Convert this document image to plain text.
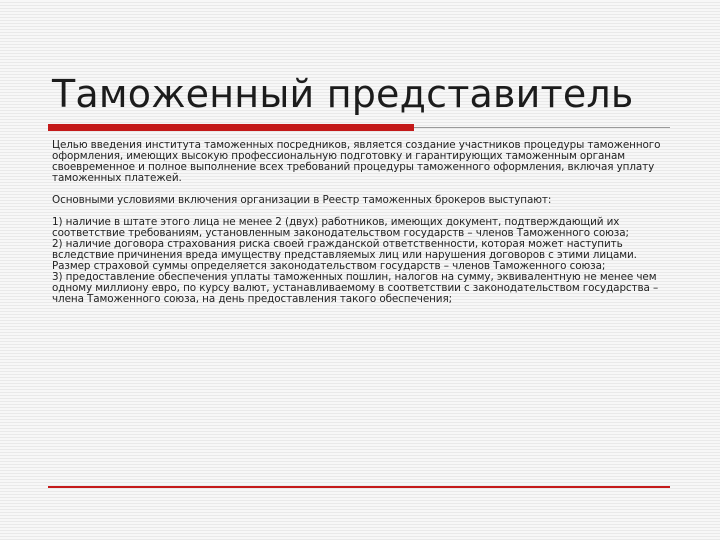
Таможенный представитель

Целью введения института таможенных посредников, является создание участников процедуры таможенного оформления, имеющих высокую профессиональную подготовку и гарантирующих таможенным органам своевременное и полное выполнение всех требований процедуры таможенного оформления, включая уплату таможенных платежей.

Основными условиями включения организации в Реестр таможенных брокеров выступают:

1) наличие в штате этого лица не менее 2 (двух) работников, имеющих документ, подтверждающий их соответствие требованиям, установленным законодательством государств – членов Таможенного союза;

2) наличие договора страхования риска своей гражданской ответственности, которая может наступить вследствие причинения вреда имуществу представляемых лиц или нарушения договоров с этими лицами. Размер страховой суммы определяется законодательством государств – членов Таможенного союза;

3) предоставление обеспечения уплаты таможенных пошлин, налогов на сумму, эквивалентную не менее чем одному миллиону евро, по курсу валют, устанавливаемому в соответствии с законодательством государства – члена Таможенного союза, на день предоставления такого обеспечения;
